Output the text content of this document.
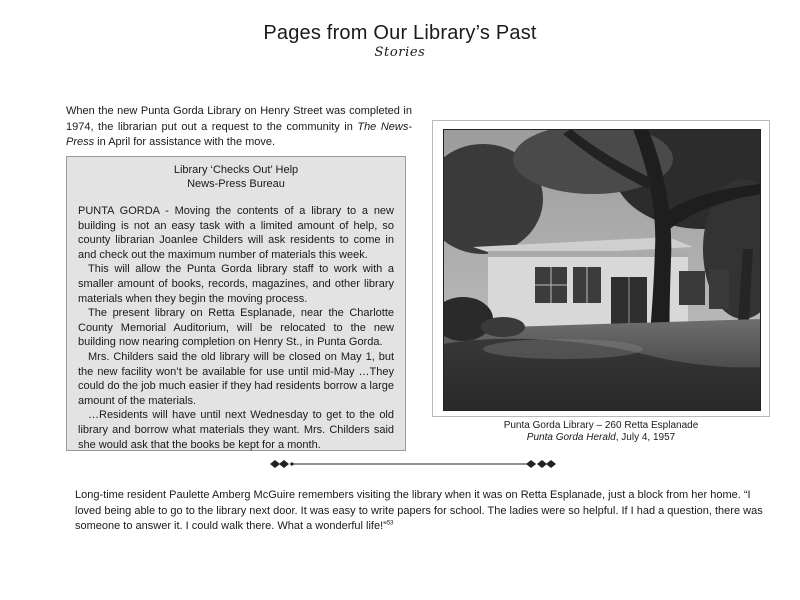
Pages from Our Library’s Past
Stories
When the new Punta Gorda Library on Henry Street was completed in 1974, the librarian put out a request to the community in The News-Press in April for assistance with the move.
Library ‘Checks Out’ Help
News-Press Bureau

PUNTA GORDA - Moving the contents of a library to a new building is not an easy task with a limited amount of help, so county librarian Joanlee Childers will ask residents to come in and check out the maximum number of materials this week.

This will allow the Punta Gorda library staff to work with a smaller amount of books, records, magazines, and other library materials when they begin the moving process.

The present library on Retta Esplanade, near the Charlotte County Memorial Auditorium, will be relocated to the new building now nearing completion on Henry St., in Punta Gorda.

Mrs. Childers said the old library will be closed on May 1, but the new facility won’t be available for use until mid-May …They could do the job much easier if they had residents borrow a large amount of the materials.

…Residents will have until next Wednesday to get to the old library and borrow what materials they want. Mrs. Childers said she would ask that the books be kept for a month.

Punta Gorda Library – 260 Retta Esplanade
Punta Gorda Herald, July 4, 1957
Long-time resident Paulette Amberg McGuire remembers visiting the library when it was on Retta Esplanade, just a block from her home. “I loved being able to go to the library next door. It was easy to write papers for school. The ladies were so helpful. If I had a question, there was someone to answer it. I could walk there. What a wonderful life!”$^{53}$
